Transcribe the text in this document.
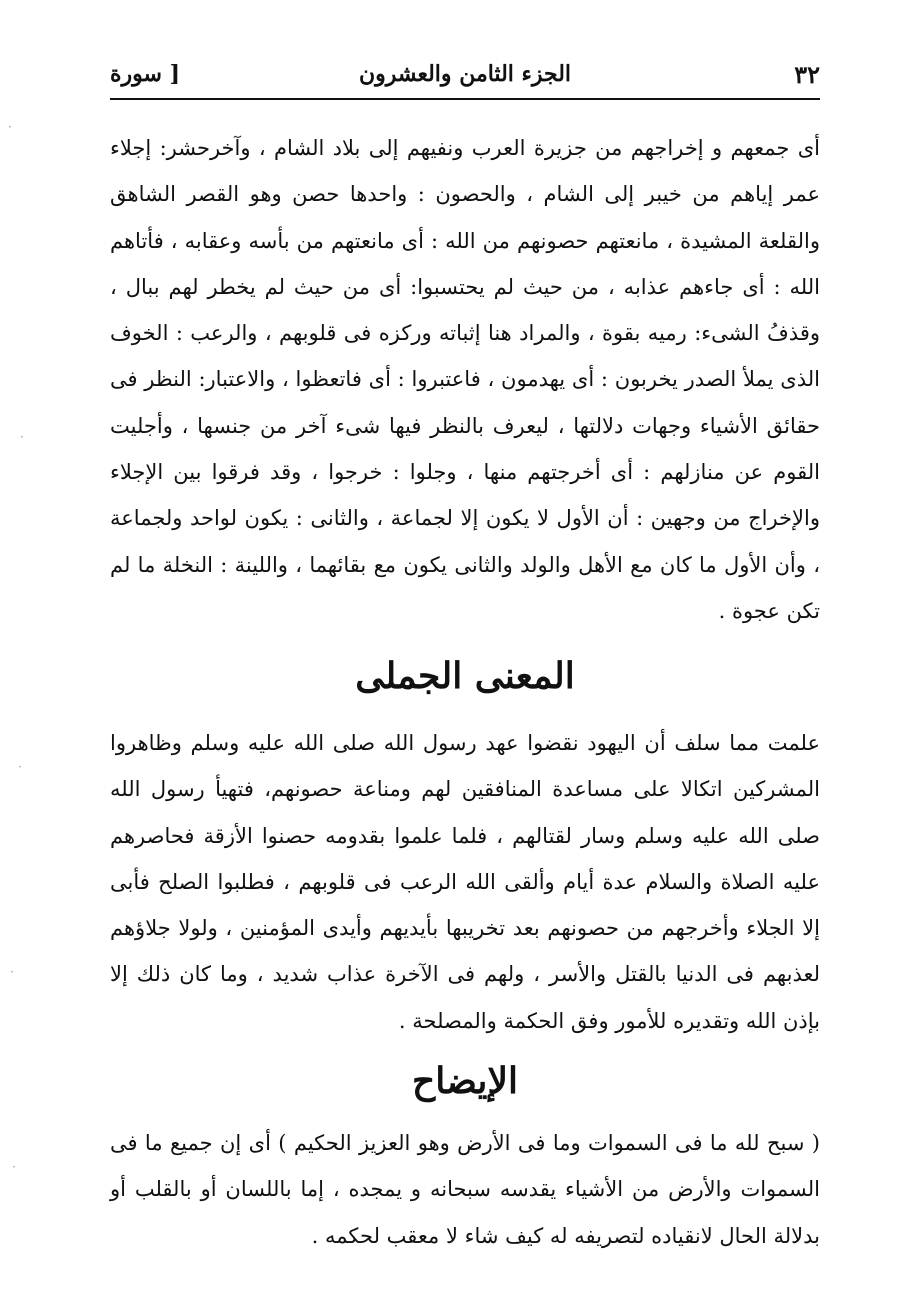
٣٢
الجزء الثامن والعشرون
[ سورة

أى جمعهم و إخراجهم من جزيرة العرب ونفيهم إلى بلاد الشام ، وآخرحشر: إجلاء عمر إياهم من خيبر إلى الشام ، والحصون : واحدها حصن وهو القصر الشاهق والقلعة المشيدة ، مانعتهم حصونهم من الله : أى مانعتهم من بأسه وعقابه ، فأتاهم الله : أى جاءهم عذابه ، من حيث لم يحتسبوا: أى من حيث لم يخطر لهم ببال ، وقذفُ الشىء: رميه بقوة ، والمراد هنا إثباته وركزه فى قلوبهم ، والرعب : الخوف الذى يملأ الصدر يخربون : أى يهدمون ، فاعتبروا : أى فاتعظوا ، والاعتبار: النظر فى حقائق الأشياء وجهات دلالتها ، ليعرف بالنظر فيها شىء آخر من جنسها ، وأجليت القوم عن منازلهم : أى أخرجتهم منها ، وجلوا : خرجوا ، وقد فرقوا بين الإجلاء والإخراج من وجهين : أن الأول لا يكون إلا لجماعة ، والثانى : يكون لواحد ولجماعة ، وأن الأول ما كان مع الأهل والولد والثانى يكون مع بقائهما ، واللينة : النخلة ما لم تكن عجوة .

المعنى الجملى

علمت مما سلف أن اليهود نقضوا عهد رسول الله صلى الله عليه وسلم وظاهروا المشركين اتكالا على مساعدة المنافقين لهم ومناعة حصونهم، فتهيأ رسول الله صلى الله عليه وسلم وسار لقتالهم ، فلما علموا بقدومه حصنوا الأزقة فحاصرهم عليه الصلاة والسلام عدة أيام وألقى الله الرعب فى قلوبهم ، فطلبوا الصلح فأبى إلا الجلاء وأخرجهم من حصونهم بعد تخريبها بأيديهم وأيدى المؤمنين ، ولولا جلاؤهم لعذبهم فى الدنيا بالقتل والأسر ، ولهم فى الآخرة عذاب شديد ، وما كان ذلك إلا بإذن الله وتقديره للأمور وفق الحكمة والمصلحة .

الإيضاح

( سبح لله ما فى السموات وما فى الأرض وهو العزيز الحكيم ) أى إن جميع ما فى السموات والأرض من الأشياء يقدسه سبحانه و يمجده ، إما باللسان أو بالقلب أو بدلالة الحال لانقياده لتصريفه له كيف شاء لا معقب لحكمه .

·
·
·
·
·
